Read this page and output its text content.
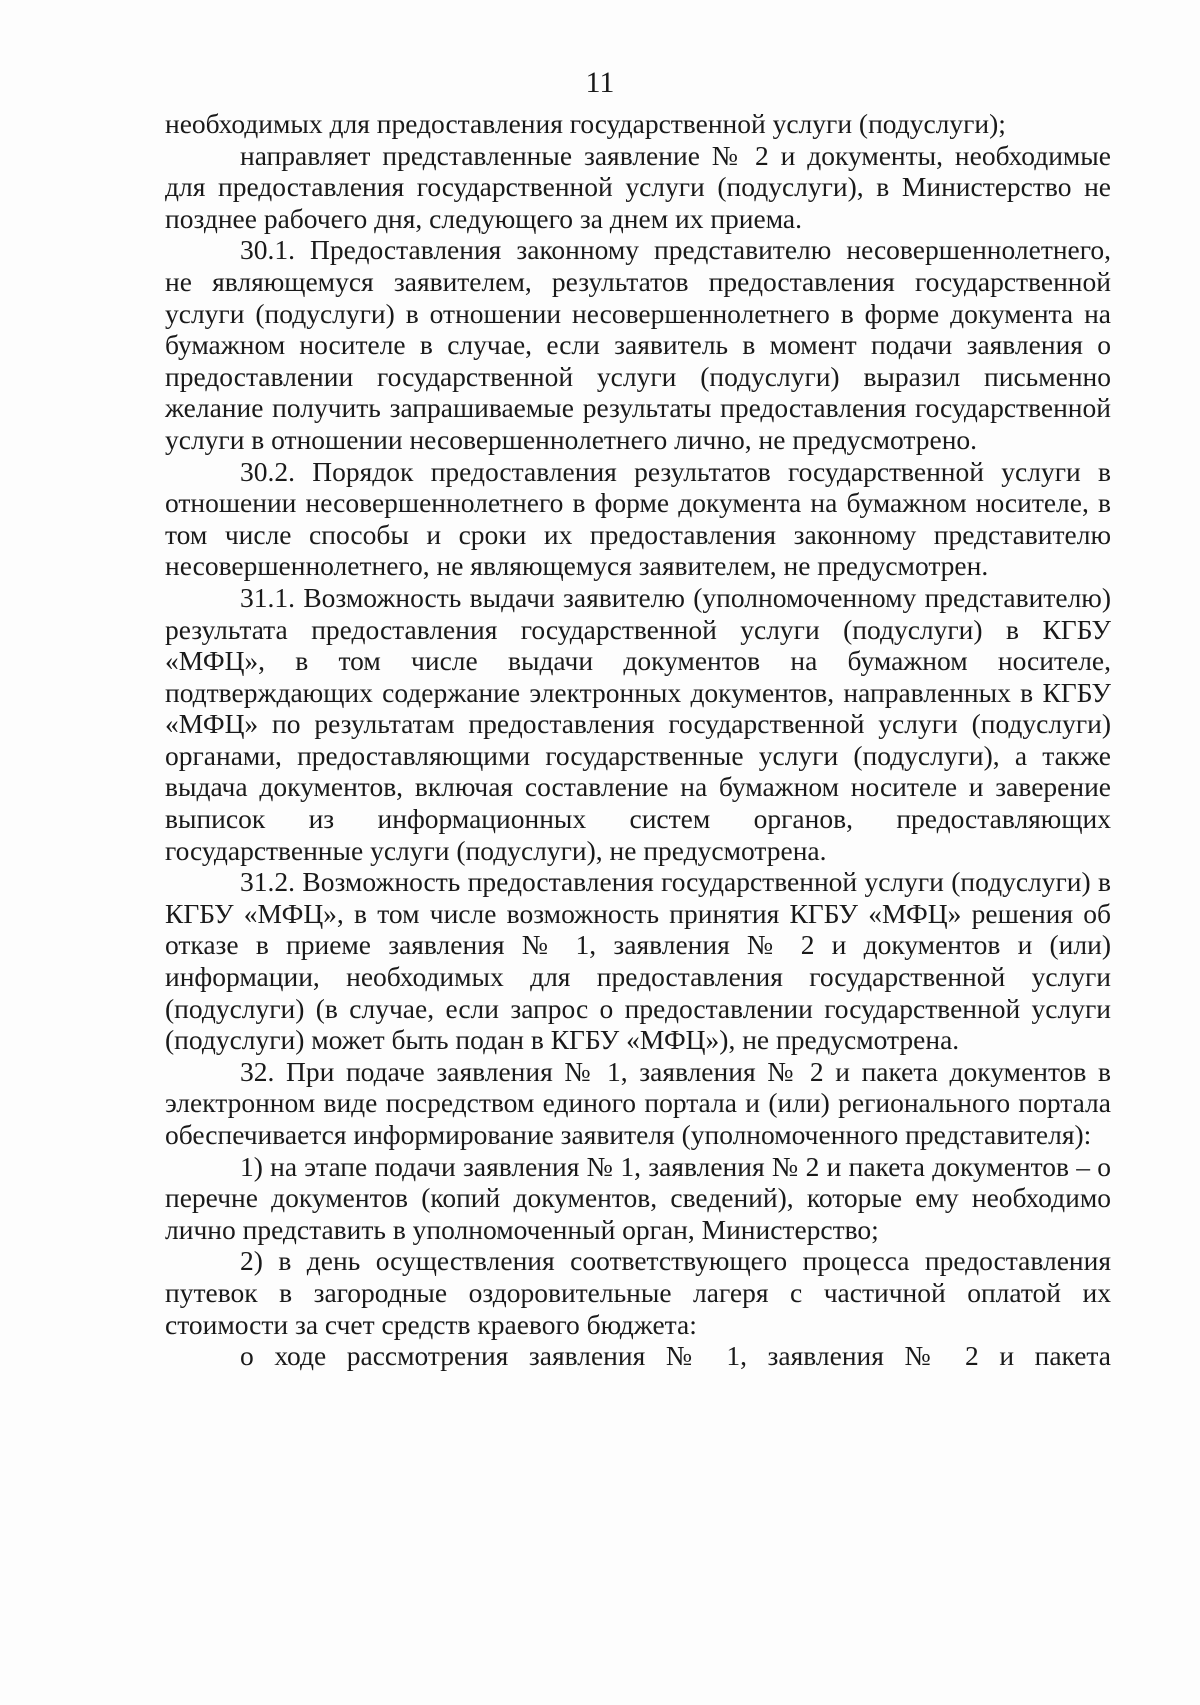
11

необходимых для предоставления государственной услуги (подуслуги);

направляет представленные заявление № 2 и документы, необходимые для предоставления государственной услуги (подуслуги), в Министерство не позднее рабочего дня, следующего за днем их приема.

30.1. Предоставления законному представителю несовершеннолетнего, не являющемуся заявителем, результатов предоставления государственной услуги (подуслуги) в отношении несовершеннолетнего в форме документа на бумажном носителе в случае, если заявитель в момент подачи заявления о предоставлении государственной услуги (подуслуги) выразил письменно желание получить запрашиваемые результаты предоставления государственной услуги в отношении несовершеннолетнего лично, не предусмотрено.

30.2. Порядок предоставления результатов государственной услуги в отношении несовершеннолетнего в форме документа на бумажном носителе, в том числе способы и сроки их предоставления законному представителю несовершеннолетнего, не являющемуся заявителем, не предусмотрен.

31.1. Возможность выдачи заявителю (уполномоченному представителю) результата предоставления государственной услуги (подуслуги) в КГБУ «МФЦ», в том числе выдачи документов на бумажном носителе, подтверждающих содержание электронных документов, направленных в КГБУ «МФЦ» по результатам предоставления государственной услуги (подуслуги) органами, предоставляющими государственные услуги (подуслуги), а также выдача документов, включая составление на бумажном носителе и заверение выписок из информационных систем органов, предоставляющих государственные услуги (подуслуги), не предусмотрена.

31.2. Возможность предоставления государственной услуги (подуслуги) в КГБУ «МФЦ», в том числе возможность принятия КГБУ «МФЦ» решения об отказе в приеме заявления № 1, заявления № 2 и документов и (или) информации, необходимых для предоставления государственной услуги (подуслуги) (в случае, если запрос о предоставлении государственной услуги (подуслуги) может быть подан в КГБУ «МФЦ»), не предусмотрена.

32. При подаче заявления № 1, заявления № 2 и пакета документов в электронном виде посредством единого портала и (или) регионального портала обеспечивается информирование заявителя (уполномоченного представителя):

1) на этапе подачи заявления № 1, заявления № 2 и пакета документов – о перечне документов (копий документов, сведений), которые ему необходимо лично представить в уполномоченный орган, Министерство;

2) в день осуществления соответствующего процесса предоставления путевок в загородные оздоровительные лагеря с частичной оплатой их стоимости за счет средств краевого бюджета:

о ходе рассмотрения заявления № 1, заявления № 2 и пакета
